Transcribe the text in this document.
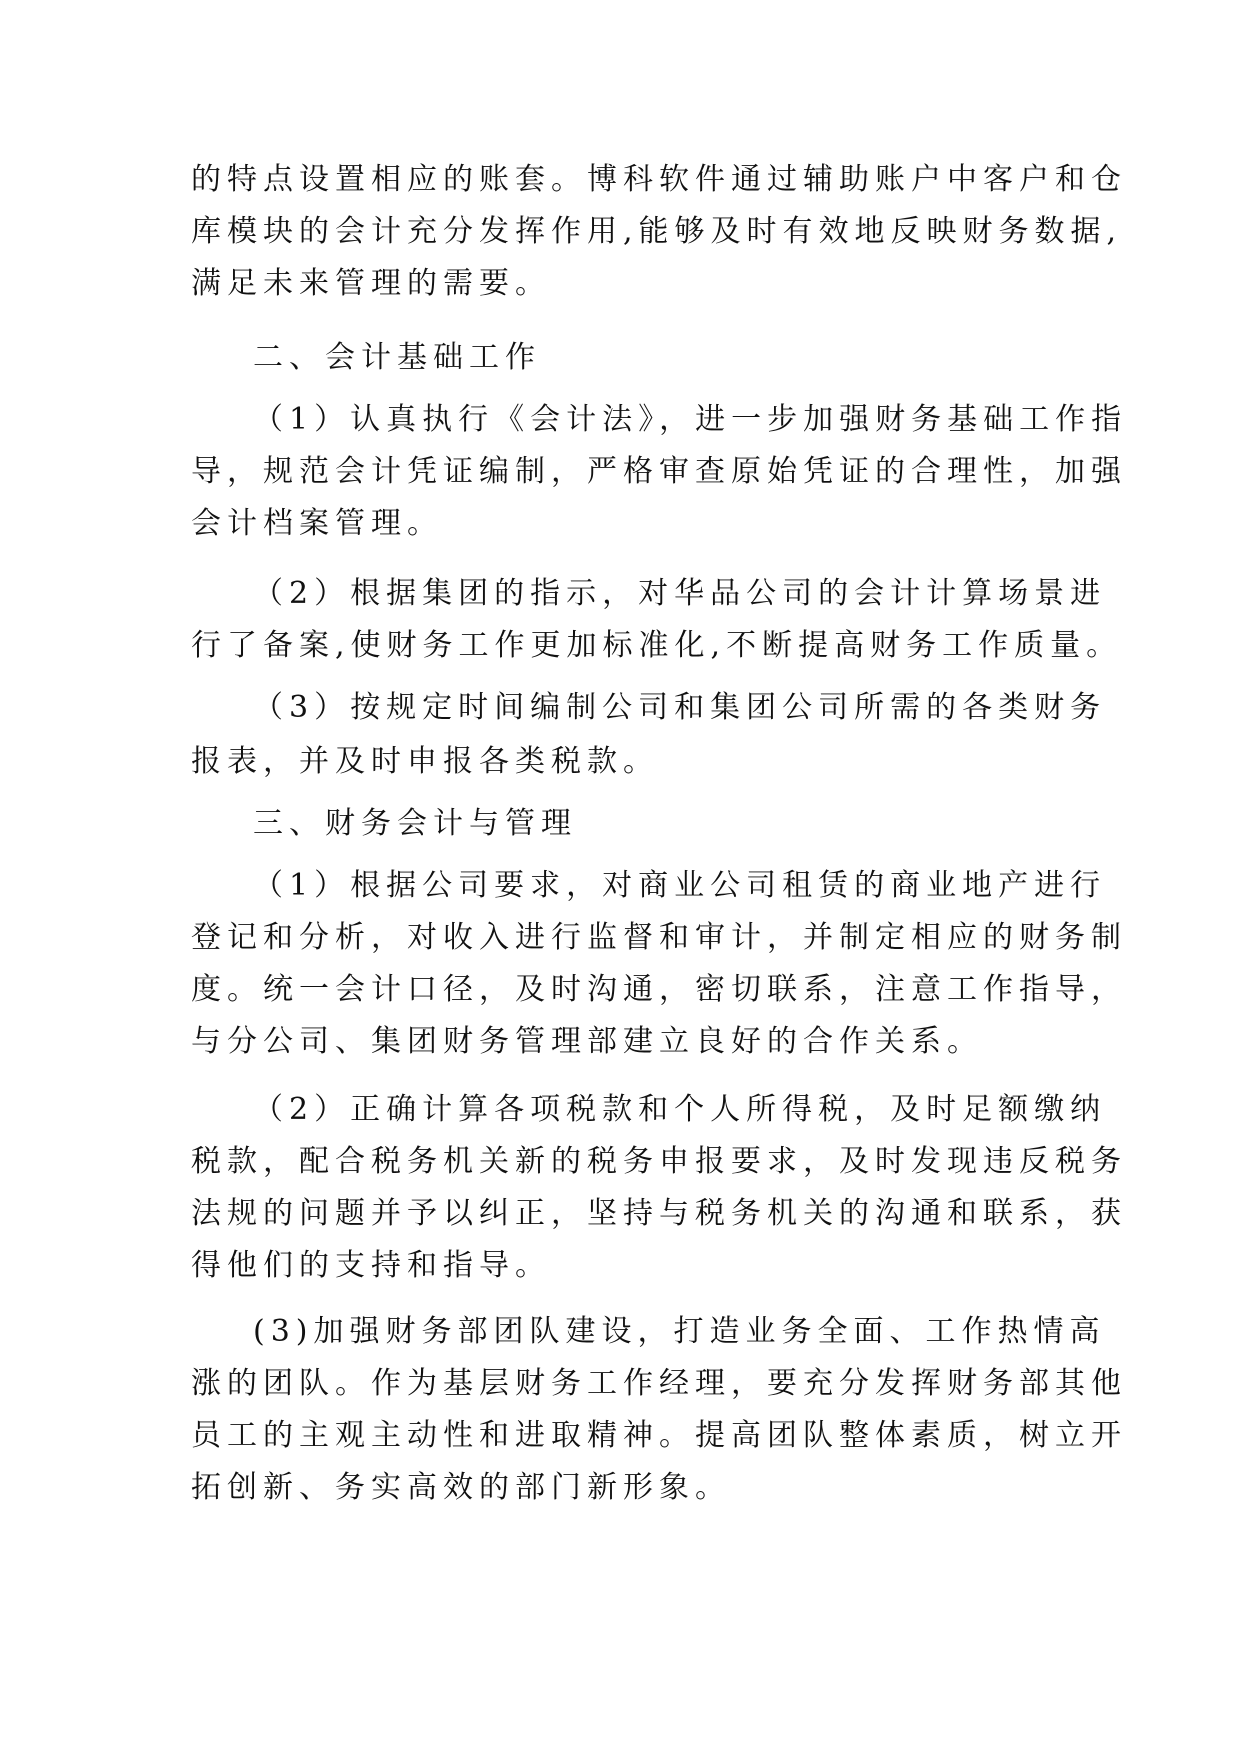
的特点设置相应的账套。博科软件通过辅助账户中客户和仓
库模块的会计充分发挥作用,能够及时有效地反映财务数据,
满足未来管理的需要。
二、会计基础工作
（1）认真执行《会计法》，进一步加强财务基础工作指
导，规范会计凭证编制，严格审查原始凭证的合理性，加强
会计档案管理。
（2）根据集团的指示，对华品公司的会计计算场景进
行了备案,使财务工作更加标准化,不断提高财务工作质量。
（3）按规定时间编制公司和集团公司所需的各类财务
报表，并及时申报各类税款。
三、财务会计与管理
（1）根据公司要求，对商业公司租赁的商业地产进行
登记和分析，对收入进行监督和审计，并制定相应的财务制
度。统一会计口径，及时沟通，密切联系，注意工作指导，
与分公司、集团财务管理部建立良好的合作关系。
（2）正确计算各项税款和个人所得税，及时足额缴纳
税款，配合税务机关新的税务申报要求，及时发现违反税务
法规的问题并予以纠正，坚持与税务机关的沟通和联系，获
得他们的支持和指导。
(3)加强财务部团队建设，打造业务全面、工作热情高
涨的团队。作为基层财务工作经理，要充分发挥财务部其他
员工的主观主动性和进取精神。提高团队整体素质，树立开
拓创新、务实高效的部门新形象。
